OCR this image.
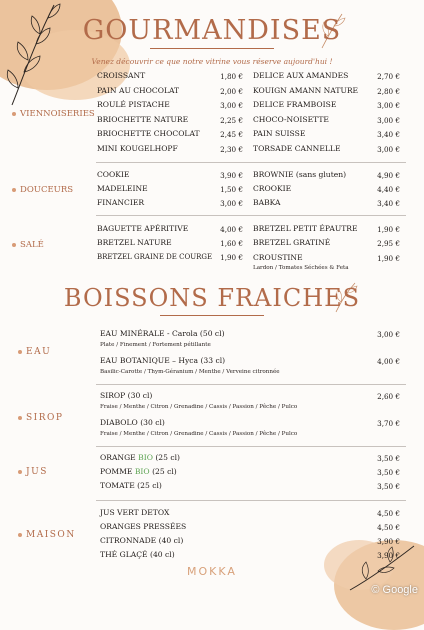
GOURMANDISES
Venez découvrir ce que notre vitrine vous réserve aujourd'hui !
VIENNOISERIES
CROISSANT	1,80 €
PAIN AU CHOCOLAT	2,00 €
ROULÉ PISTACHE	3,00 €
BRIOCHETTE NATURE	2,25 €
BRIOCHETTE CHOCOLAT	2,45 €
MINI KOUGELHOPF	2,30 €
DELICE AUX AMANDES	2,70 €
KOUIGN AMANN NATURE	2,80 €
DELICE FRAMBOISE	3,00 €
CHOCO-NOISETTE	3,00 €
PAIN SUISSE	3,40 €
TORSADE CANNELLE	3,00 €
DOUCEURS
COOKIE	3,90 €
MADELEINE	1,50 €
FINANCIER	3,00 €
BROWNIE (sans gluten)	4,90 €
CROOKIE	4,40 €
BABKA	3,40 €
SALÉ
BAGUETTE APÉRITIVE	4,00 €
BRETZEL NATURE	1,60 €
BRETZEL GRAINE DE COURGE	1,90 €
BRETZEL PETIT ÉPAUTRE	1,90 €
BRETZEL GRATINÉ	2,95 €
CROUSTINE	1,90 €
Lardon / Tomates Séchées & Feta
BOISSONS FRAICHES
EAU
EAU MINÉRALE - Carola (50 cl)	3,00 €
Plate / Finement / Fortement pétillante
EAU BOTANIQUE – Hyca (33 cl)	4,00 €
Basilic-Carotte / Thym-Géranium / Menthe / Verveine citronnée
SIROP
SIROP (30 cl)	2,60 €
Fraise / Menthe / Citron / Grenadine / Cassis / Passion / Pêche / Pulco
DIABOLO (30 cl)	3,70 €
Fraise / Menthe / Citron / Grenadine / Cassis / Passion / Pêche / Pulco
JUS
ORANGE BIO (25 cl)	3,50 €
POMME BIO (25 cl)	3,50 €
TOMATE (25 cl)	3,50 €
MAISON
JUS VERT DETOX	4,50 €
ORANGES PRESSÉES	4,50 €
CITRONNADE (40 cl)	3,90 €
THÉ GLAÇÉ (40 cl)	3,90 €
MOKKA
© Google
